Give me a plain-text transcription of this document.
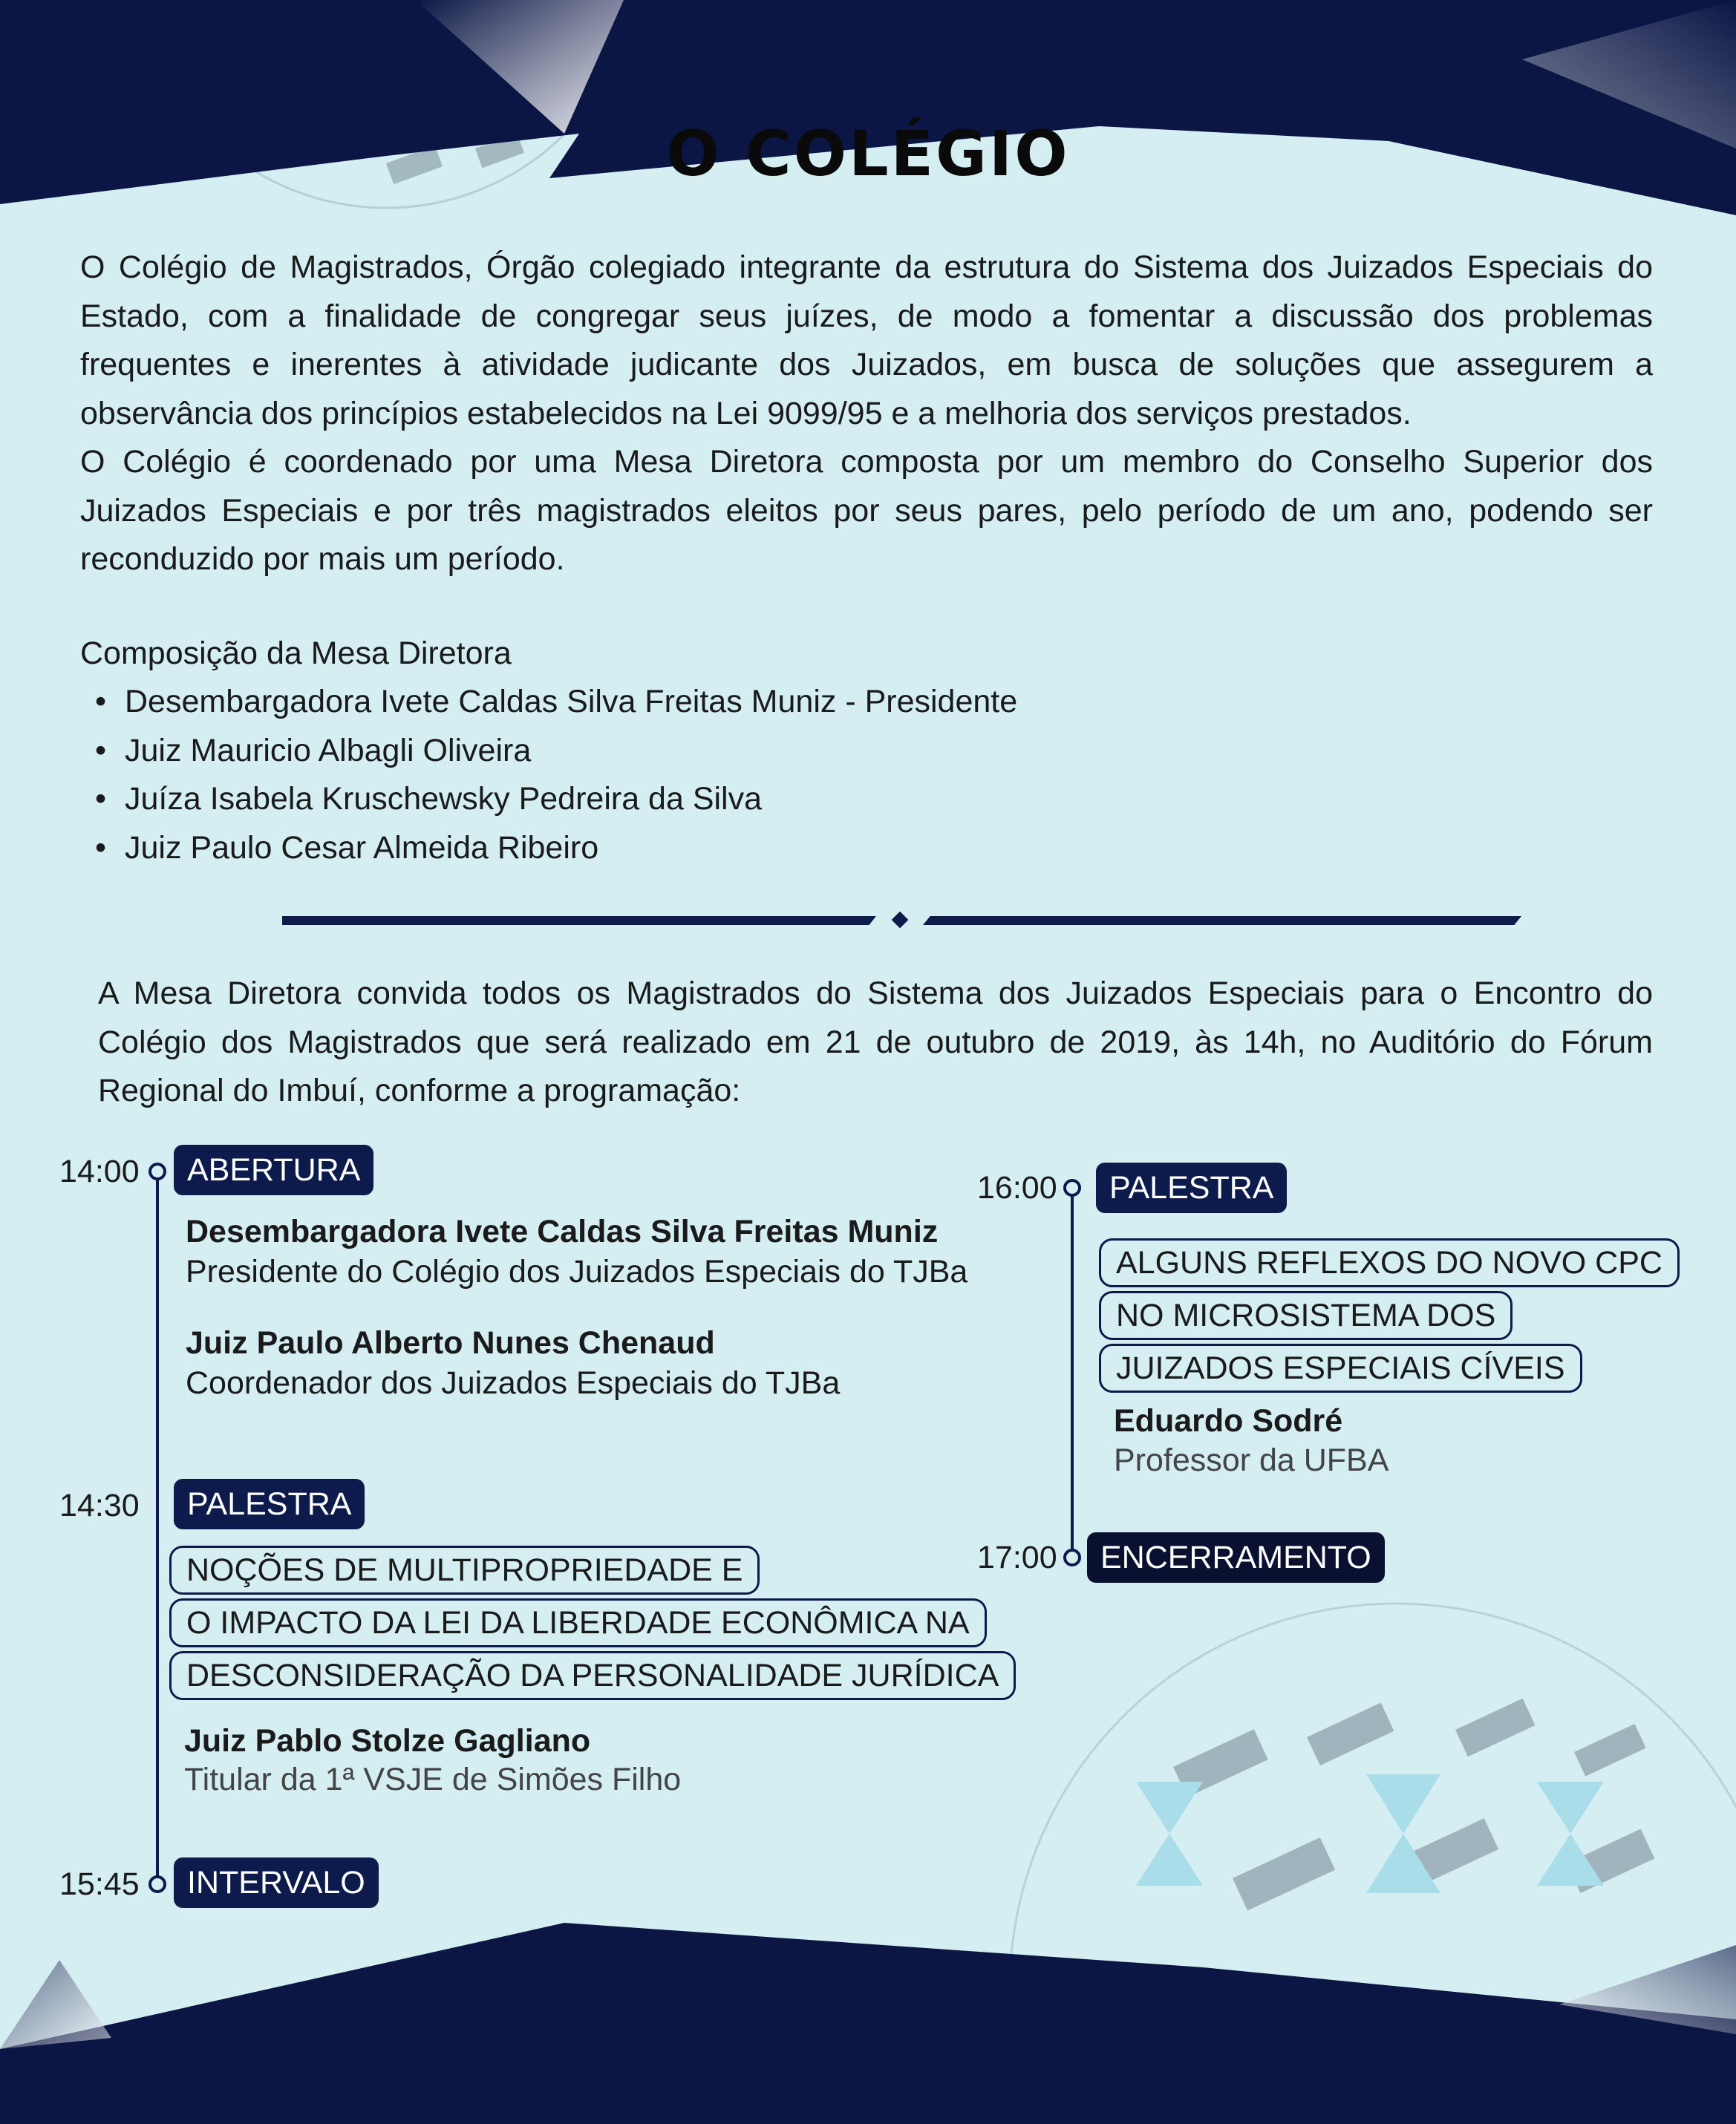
O COLÉGIO
O Colégio de Magistrados, Órgão colegiado integrante da estrutura do Sistema dos Juizados Especiais do Estado, com a finalidade de congregar seus juízes, de modo a fomentar a discussão dos problemas frequentes e inerentes à atividade judicante dos Juizados, em busca de soluções que assegurem a observância dos princípios estabelecidos na Lei 9099/95 e a melhoria dos serviços prestados.
O Colégio é coordenado por uma Mesa Diretora composta por um membro do Conselho Superior dos Juizados Especiais e por três magistrados eleitos por seus pares, pelo período de um ano, podendo ser reconduzido por mais um período.
Composição da Mesa Diretora
• Desembargadora Ivete Caldas Silva Freitas Muniz - Presidente
• Juiz Mauricio Albagli Oliveira
• Juíza Isabela Kruschewsky Pedreira da Silva
• Juiz Paulo Cesar Almeida Ribeiro
A Mesa Diretora convida todos os Magistrados do Sistema dos Juizados Especiais para o Encontro do Colégio dos Magistrados que será realizado em 21 de outubro de 2019, às 14h, no Auditório do Fórum Regional do Imbuí, conforme a programação:
14:00	ABERTURA
Desembargadora Ivete Caldas Silva Freitas Muniz
Presidente do Colégio dos Juizados Especiais do TJBa
Juiz Paulo Alberto Nunes Chenaud
Coordenador dos Juizados Especiais do TJBa
14:30	PALESTRA
NOÇÕES DE MULTIPROPRIEDADE E
O IMPACTO DA LEI DA LIBERDADE ECONÔMICA NA
DESCONSIDERAÇÃO DA PERSONALIDADE JURÍDICA
Juiz Pablo Stolze Gagliano
Titular da 1ª VSJE de Simões Filho
15:45	INTERVALO
16:00	PALESTRA
ALGUNS REFLEXOS DO NOVO CPC
NO MICROSISTEMA DOS
JUIZADOS ESPECIAIS CÍVEIS
Eduardo Sodré
Professor da UFBA
17:00	ENCERRAMENTO
